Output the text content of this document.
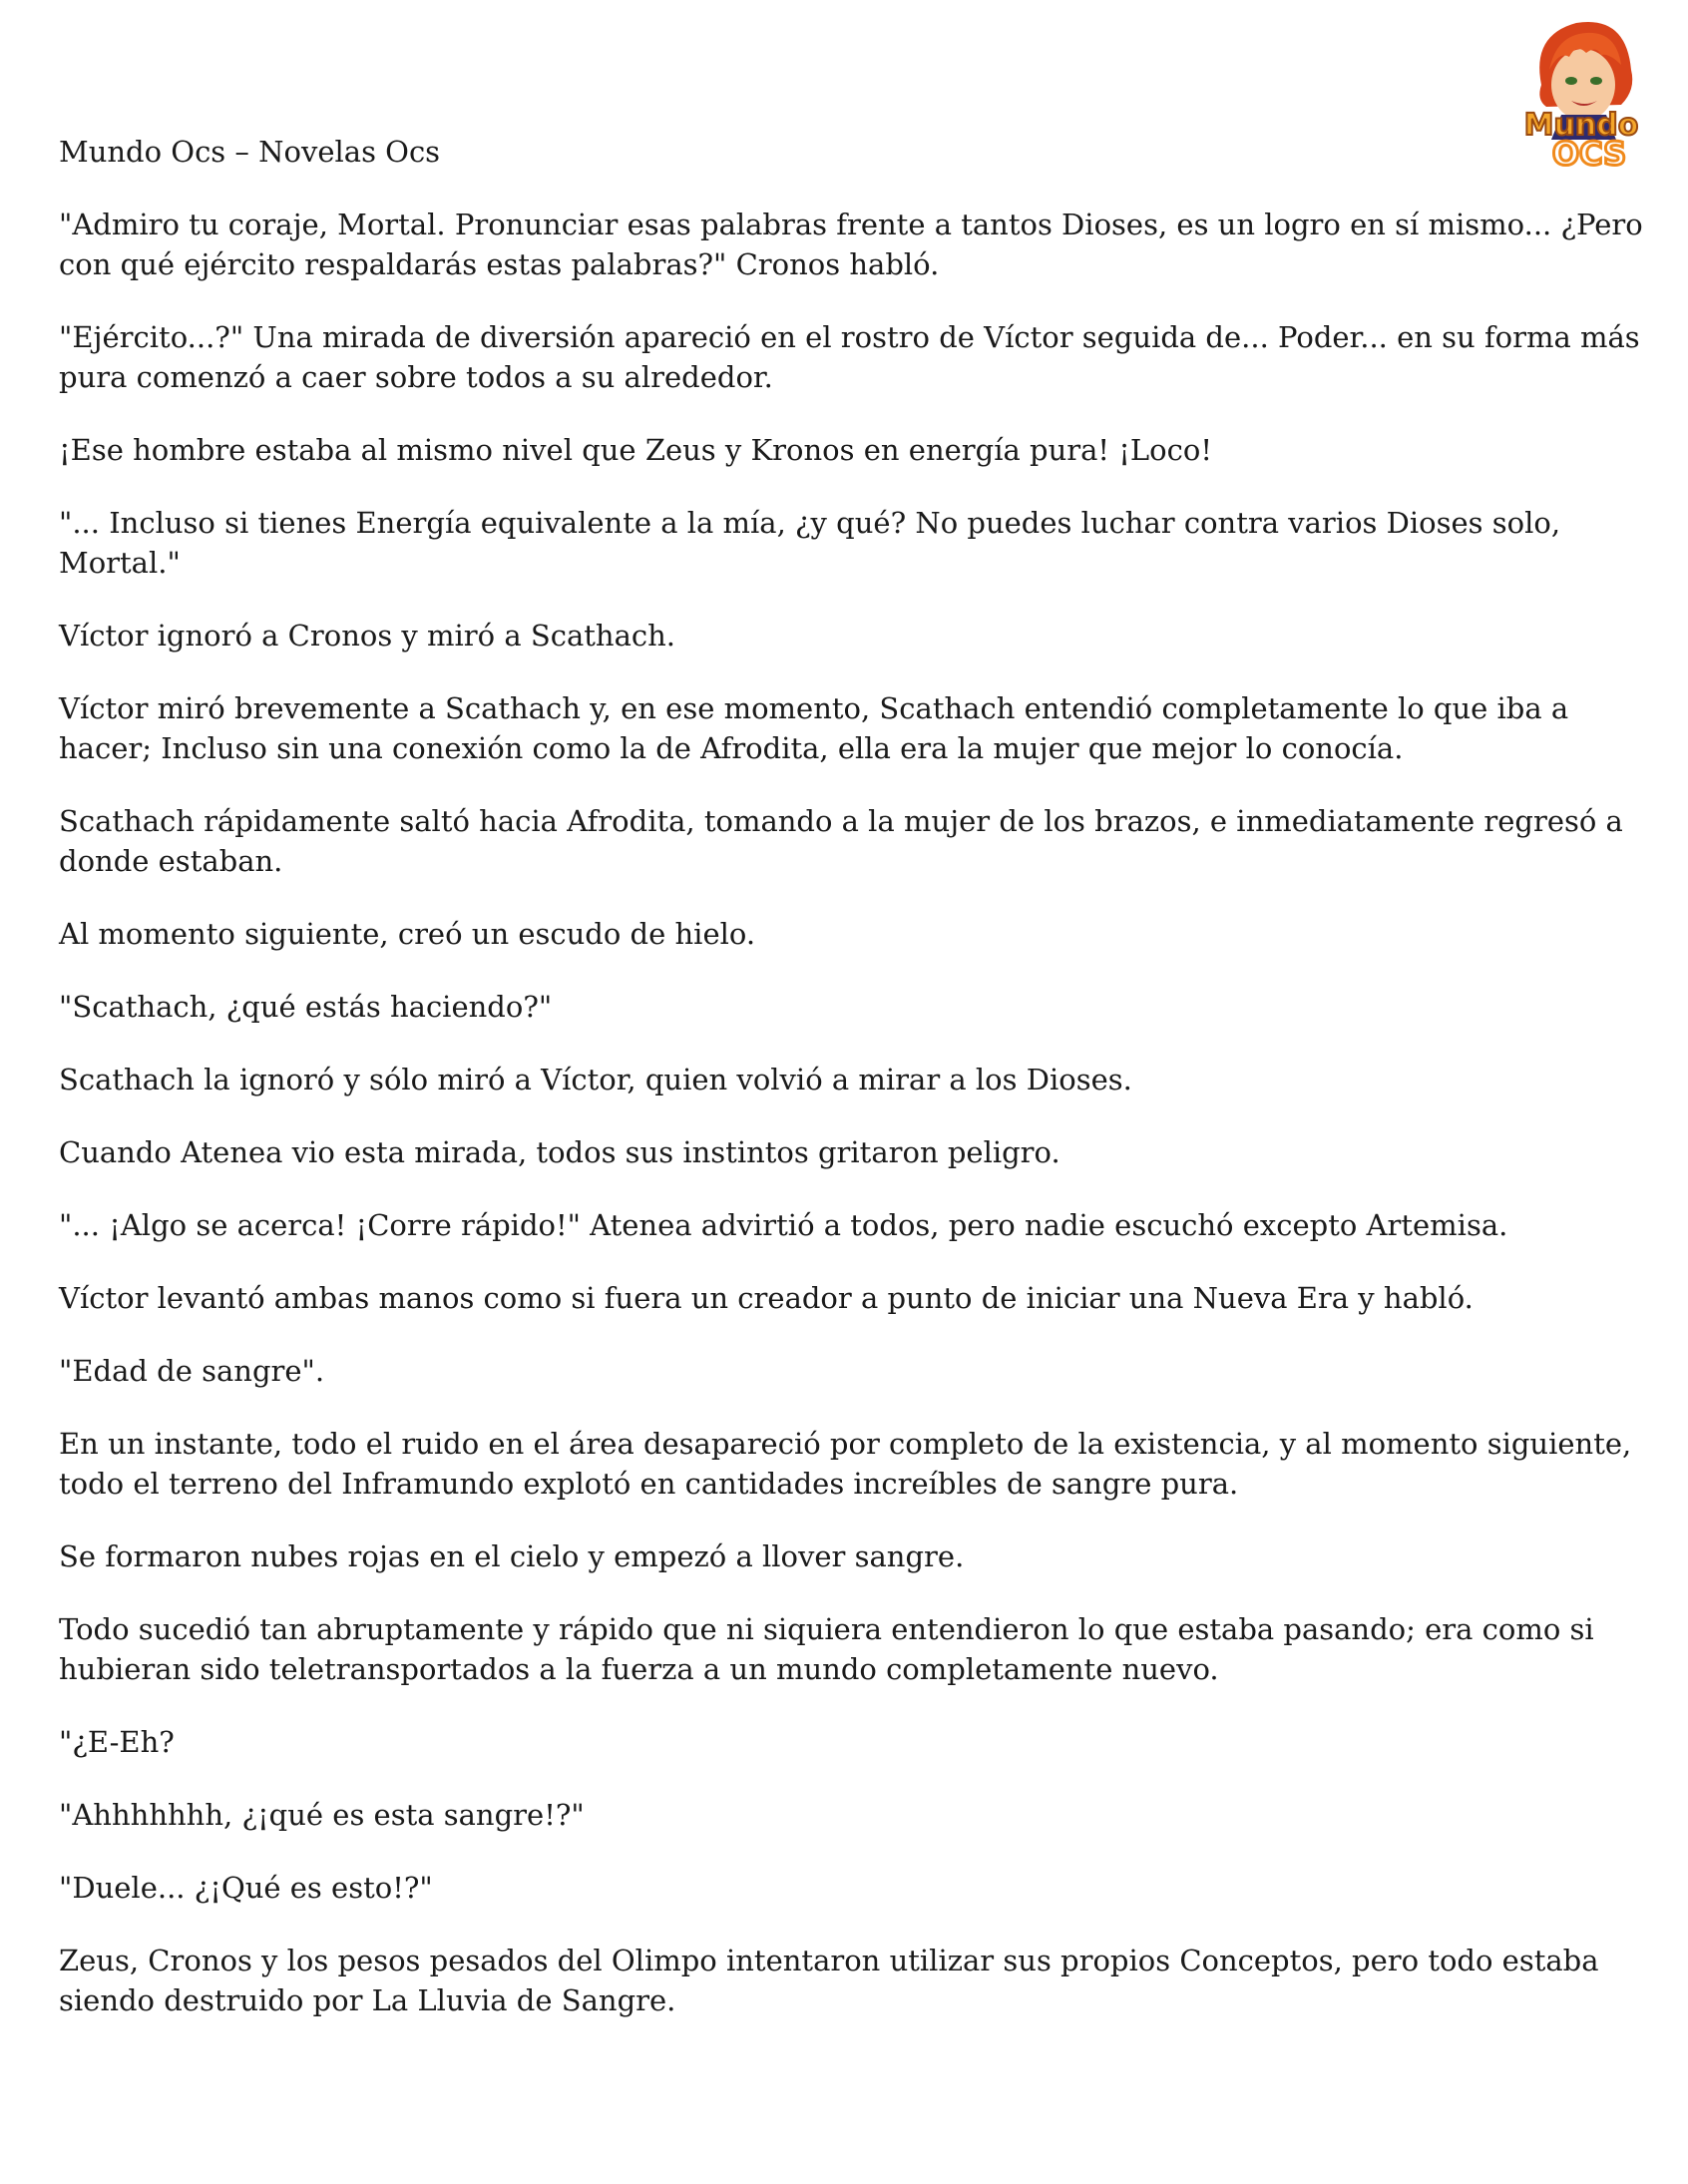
Mundo
OCS

Mundo Ocs – Novelas Ocs

"Admiro tu coraje, Mortal. Pronunciar esas palabras frente a tantos Dioses, es un logro en sí mismo... ¿Pero con qué ejército respaldarás estas palabras?" Cronos habló.

"Ejército...?" Una mirada de diversión apareció en el rostro de Víctor seguida de... Poder... en su forma más pura comenzó a caer sobre todos a su alrededor.

¡Ese hombre estaba al mismo nivel que Zeus y Kronos en energía pura! ¡Loco!

"... Incluso si tienes Energía equivalente a la mía, ¿y qué? No puedes luchar contra varios Dioses solo, Mortal."

Víctor ignoró a Cronos y miró a Scathach.

Víctor miró brevemente a Scathach y, en ese momento, Scathach entendió completamente lo que iba a hacer; Incluso sin una conexión como la de Afrodita, ella era la mujer que mejor lo conocía.

Scathach rápidamente saltó hacia Afrodita, tomando a la mujer de los brazos, e inmediatamente regresó a donde estaban.

Al momento siguiente, creó un escudo de hielo.

"Scathach, ¿qué estás haciendo?"

Scathach la ignoró y sólo miró a Víctor, quien volvió a mirar a los Dioses.

Cuando Atenea vio esta mirada, todos sus instintos gritaron peligro.

"... ¡Algo se acerca! ¡Corre rápido!" Atenea advirtió a todos, pero nadie escuchó excepto Artemisa.

Víctor levantó ambas manos como si fuera un creador a punto de iniciar una Nueva Era y habló.

"Edad de sangre".

En un instante, todo el ruido en el área desapareció por completo de la existencia, y al momento siguiente, todo el terreno del Inframundo explotó en cantidades increíbles de sangre pura.

Se formaron nubes rojas en el cielo y empezó a llover sangre.

Todo sucedió tan abruptamente y rápido que ni siquiera entendieron lo que estaba pasando; era como si hubieran sido teletransportados a la fuerza a un mundo completamente nuevo.

"¿E-Eh?

"Ahhhhhhh, ¿¡qué es esta sangre!?"

"Duele... ¿¡Qué es esto!?"

Zeus, Cronos y los pesos pesados del Olimpo intentaron utilizar sus propios Conceptos, pero todo estaba siendo destruido por La Lluvia de Sangre.
